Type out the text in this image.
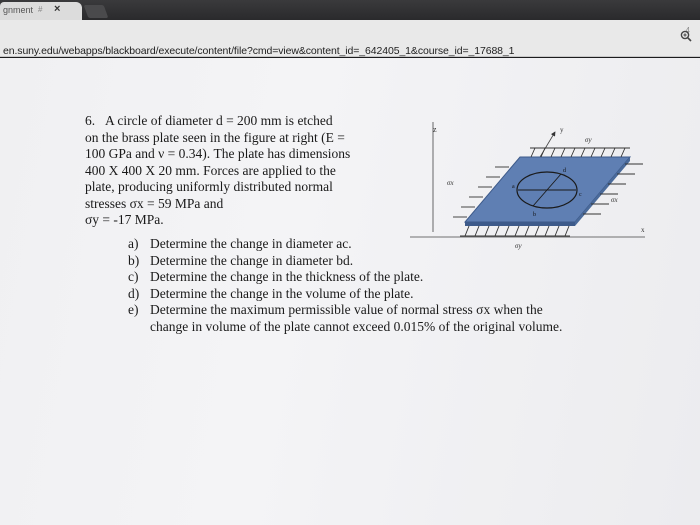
gnment # ×
en.suny.edu/webapps/blackboard/execute/content/file?cmd=view&content_id=_642405_1&course_id=_17688_1
4
6. A circle of diameter d = 200 mm is etched
on the brass plate seen in the figure at right (E =
100 GPa and ν = 0.34). The plate has dimensions
400 X 400 X 20 mm. Forces are applied to the
plate, producing uniformly distributed normal
stresses σx = 59 MPa and
σy = -17 MPa.
a) Determine the change in diameter ac.
b) Determine the change in diameter bd.
c) Determine the change in the thickness of the plate.
d) Determine the change in the volume of the plate.
e) Determine the maximum permissible value of normal stress σx when the
change in volume of the plate cannot exceed 0.015% of the original volume.
z
x
y
a
c
d
b
σy
σy
σx
σx
